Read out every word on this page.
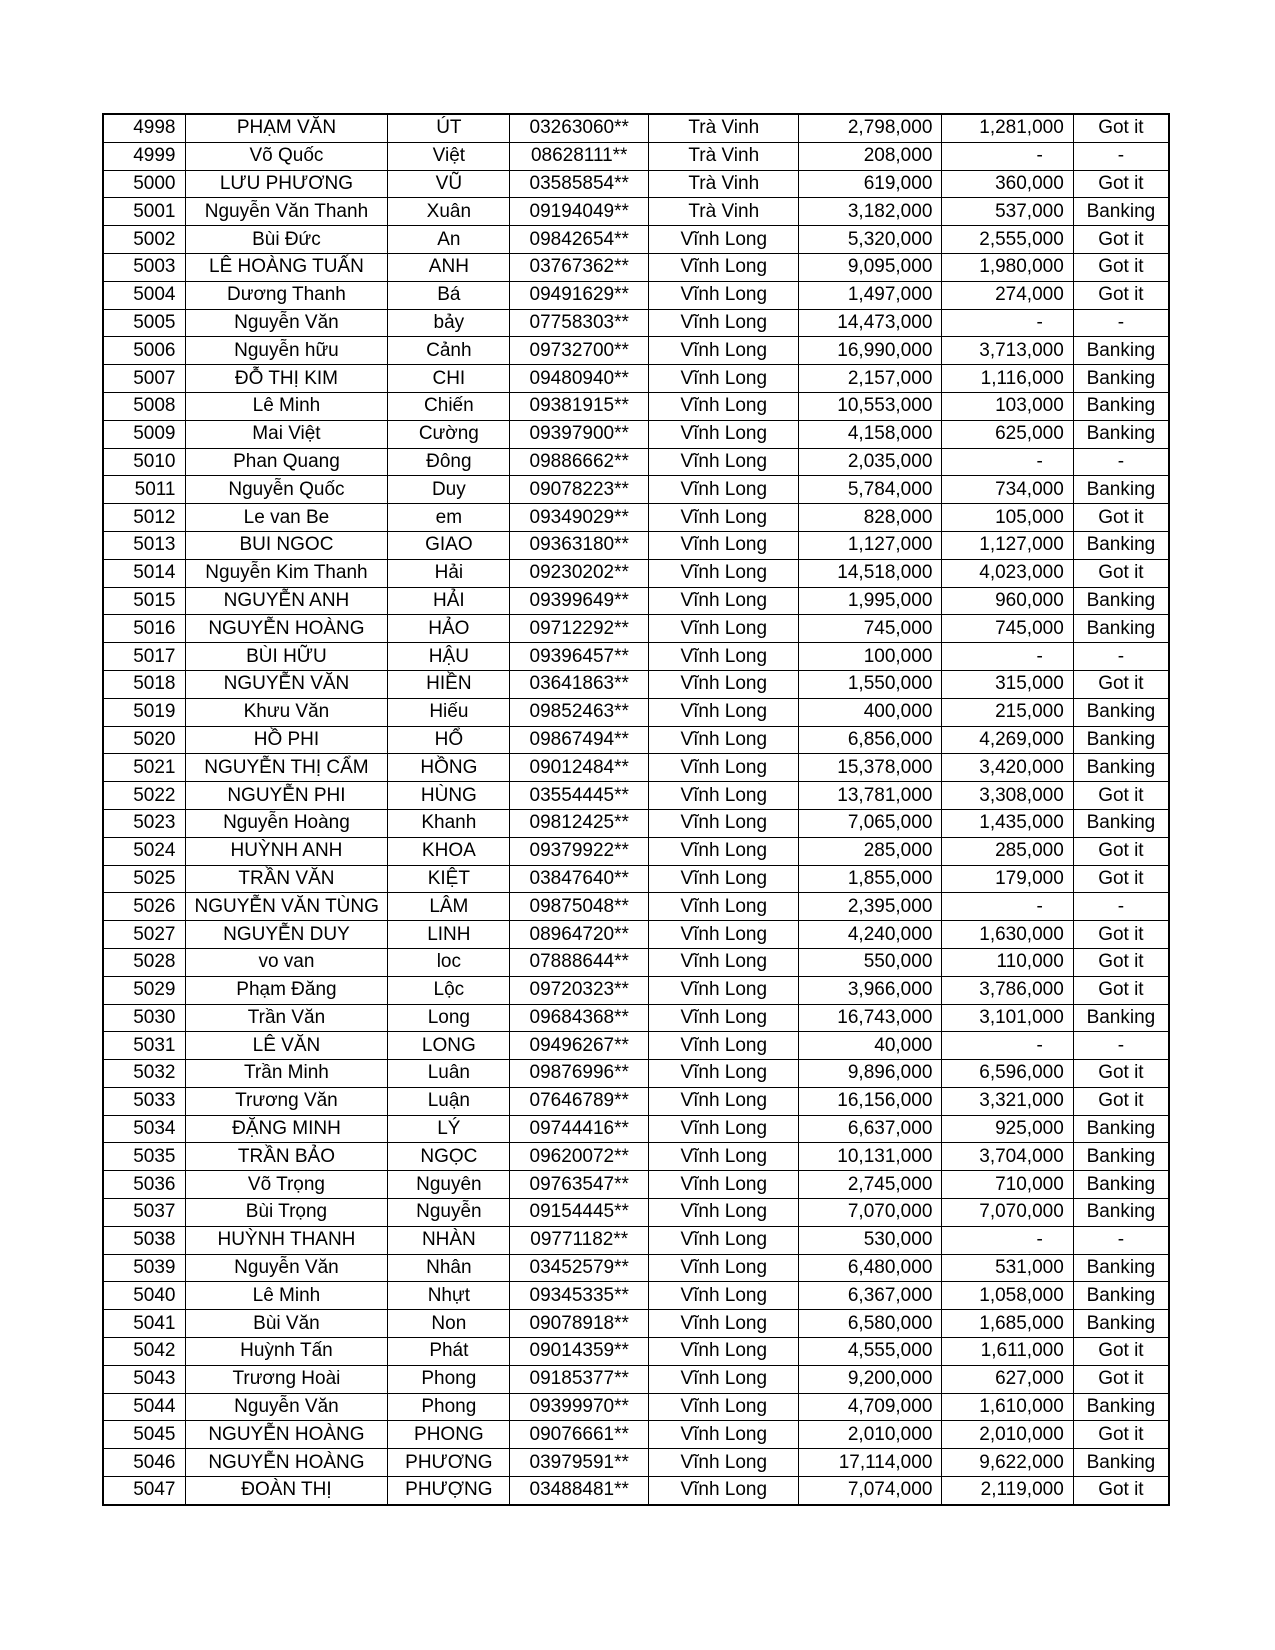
4998	PHẠM VĂN	ÚT	03263060**	Trà Vinh	2,798,000	1,281,000	Got it
4999	Võ Quốc	Việt	08628111**	Trà Vinh	208,000	-	-
5000	LƯU PHƯƠNG	VŨ	03585854**	Trà Vinh	619,000	360,000	Got it
5001	Nguyễn Văn Thanh	Xuân	09194049**	Trà Vinh	3,182,000	537,000	Banking
5002	Bùi Đức	An	09842654**	Vĩnh Long	5,320,000	2,555,000	Got it
5003	LÊ HOÀNG TUẤN	ANH	03767362**	Vĩnh Long	9,095,000	1,980,000	Got it
5004	Dương Thanh	Bá	09491629**	Vĩnh Long	1,497,000	274,000	Got it
5005	Nguyễn Văn	bảy	07758303**	Vĩnh Long	14,473,000	-	-
5006	Nguyễn hữu	Cảnh	09732700**	Vĩnh Long	16,990,000	3,713,000	Banking
5007	ĐỖ THỊ KIM	CHI	09480940**	Vĩnh Long	2,157,000	1,116,000	Banking
5008	Lê Minh	Chiến	09381915**	Vĩnh Long	10,553,000	103,000	Banking
5009	Mai Việt	Cường	09397900**	Vĩnh Long	4,158,000	625,000	Banking
5010	Phan Quang	Đông	09886662**	Vĩnh Long	2,035,000	-	-
5011	Nguyễn Quốc	Duy	09078223**	Vĩnh Long	5,784,000	734,000	Banking
5012	Le van Be	em	09349029**	Vĩnh Long	828,000	105,000	Got it
5013	BUI NGOC	GIAO	09363180**	Vĩnh Long	1,127,000	1,127,000	Banking
5014	Nguyễn Kim Thanh	Hải	09230202**	Vĩnh Long	14,518,000	4,023,000	Got it
5015	NGUYỄN ANH	HẢI	09399649**	Vĩnh Long	1,995,000	960,000	Banking
5016	NGUYỄN HOÀNG	HẢO	09712292**	Vĩnh Long	745,000	745,000	Banking
5017	BÙI HỮU	HẬU	09396457**	Vĩnh Long	100,000	-	-
5018	NGUYỄN VĂN	HIỀN	03641863**	Vĩnh Long	1,550,000	315,000	Got it
5019	Khưu Văn	Hiếu	09852463**	Vĩnh Long	400,000	215,000	Banking
5020	HỒ PHI	HỔ	09867494**	Vĩnh Long	6,856,000	4,269,000	Banking
5021	NGUYỄN THỊ CẨM	HỒNG	09012484**	Vĩnh Long	15,378,000	3,420,000	Banking
5022	NGUYỄN PHI	HÙNG	03554445**	Vĩnh Long	13,781,000	3,308,000	Got it
5023	Nguyễn Hoàng	Khanh	09812425**	Vĩnh Long	7,065,000	1,435,000	Banking
5024	HUỲNH ANH	KHOA	09379922**	Vĩnh Long	285,000	285,000	Got it
5025	TRẦN VĂN	KIỆT	03847640**	Vĩnh Long	1,855,000	179,000	Got it
5026	NGUYỄN VĂN TÙNG	LÂM	09875048**	Vĩnh Long	2,395,000	-	-
5027	NGUYỄN DUY	LINH	08964720**	Vĩnh Long	4,240,000	1,630,000	Got it
5028	vo van	loc	07888644**	Vĩnh Long	550,000	110,000	Got it
5029	Phạm Đăng	Lộc	09720323**	Vĩnh Long	3,966,000	3,786,000	Got it
5030	Trần Văn	Long	09684368**	Vĩnh Long	16,743,000	3,101,000	Banking
5031	LÊ VĂN	LONG	09496267**	Vĩnh Long	40,000	-	-
5032	Trần Minh	Luân	09876996**	Vĩnh Long	9,896,000	6,596,000	Got it
5033	Trương Văn	Luận	07646789**	Vĩnh Long	16,156,000	3,321,000	Got it
5034	ĐẶNG MINH	LÝ	09744416**	Vĩnh Long	6,637,000	925,000	Banking
5035	TRẦN BẢO	NGỌC	09620072**	Vĩnh Long	10,131,000	3,704,000	Banking
5036	Võ Trọng	Nguyên	09763547**	Vĩnh Long	2,745,000	710,000	Banking
5037	Bùi Trọng	Nguyễn	09154445**	Vĩnh Long	7,070,000	7,070,000	Banking
5038	HUỲNH THANH	NHÀN	09771182**	Vĩnh Long	530,000	-	-
5039	Nguyễn Văn	Nhân	03452579**	Vĩnh Long	6,480,000	531,000	Banking
5040	Lê Minh	Nhựt	09345335**	Vĩnh Long	6,367,000	1,058,000	Banking
5041	Bùi Văn	Non	09078918**	Vĩnh Long	6,580,000	1,685,000	Banking
5042	Huỳnh Tấn	Phát	09014359**	Vĩnh Long	4,555,000	1,611,000	Got it
5043	Trương Hoài	Phong	09185377**	Vĩnh Long	9,200,000	627,000	Got it
5044	Nguyễn Văn	Phong	09399970**	Vĩnh Long	4,709,000	1,610,000	Banking
5045	NGUYỄN HOÀNG	PHONG	09076661**	Vĩnh Long	2,010,000	2,010,000	Got it
5046	NGUYỄN HOÀNG	PHƯƠNG	03979591**	Vĩnh Long	17,114,000	9,622,000	Banking
5047	ĐOÀN THỊ	PHƯỢNG	03488481**	Vĩnh Long	7,074,000	2,119,000	Got it
